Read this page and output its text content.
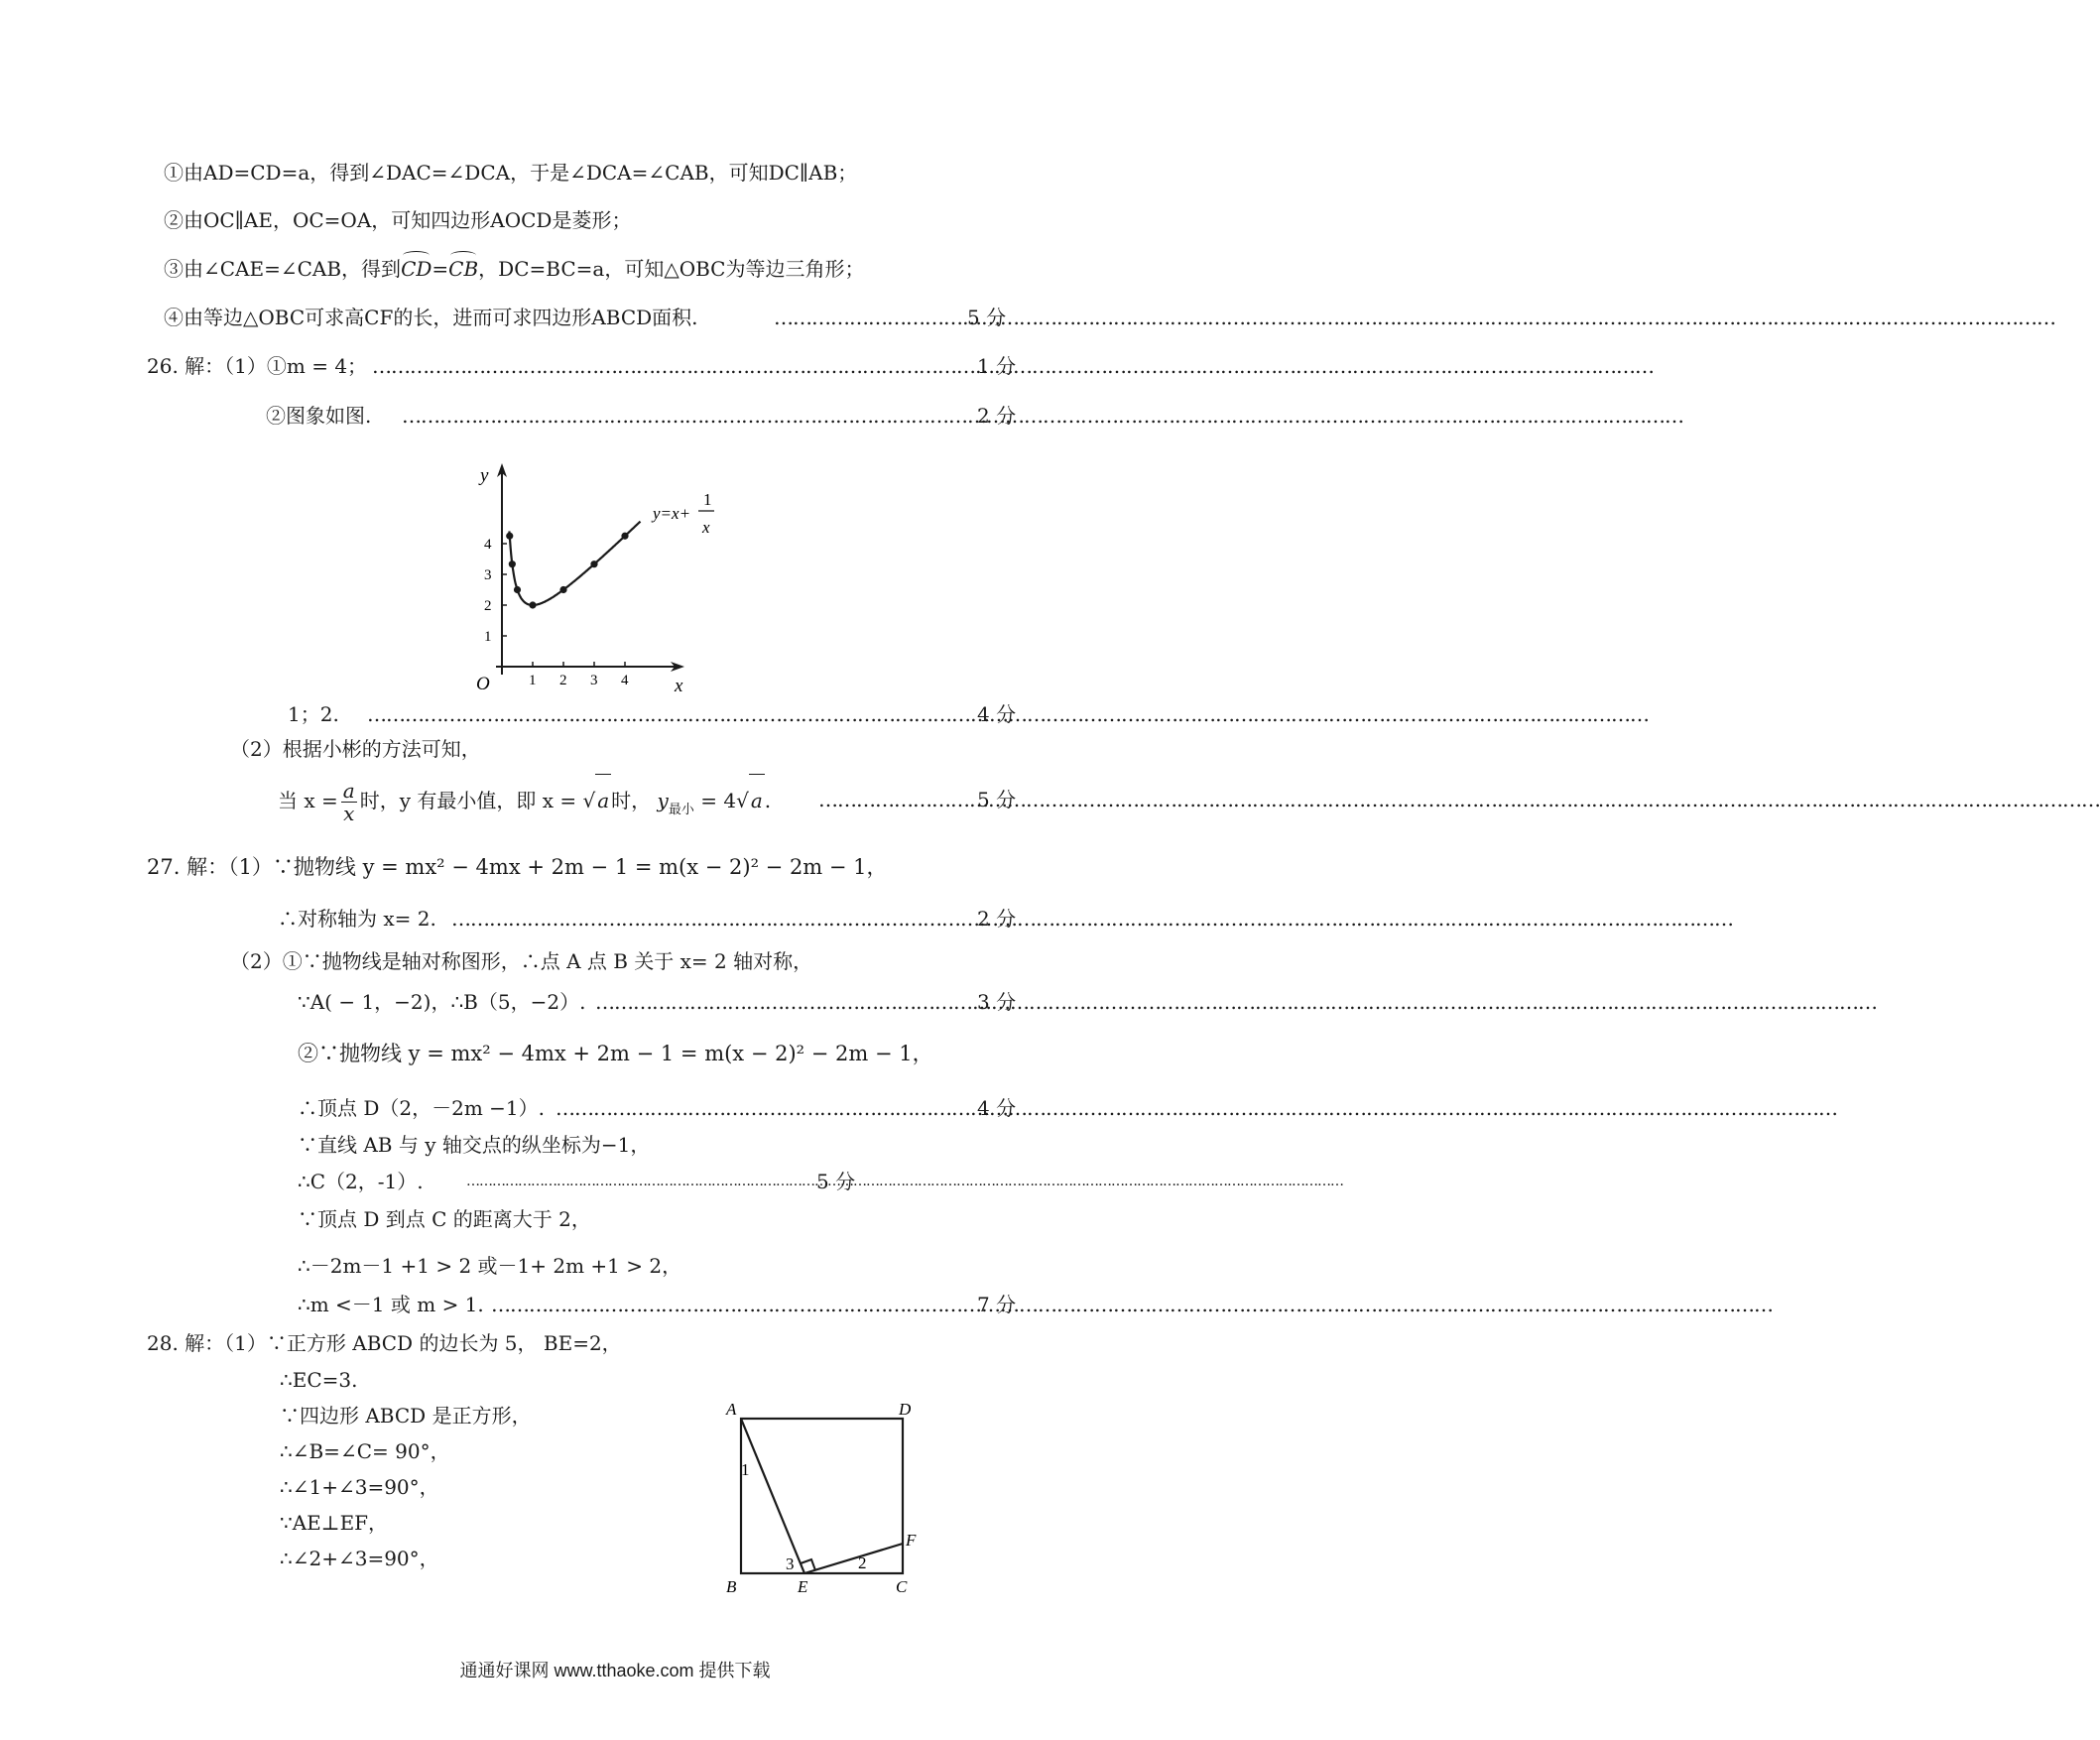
①由AD=CD=a，得到∠DAC=∠DCA，于是∠DCA=∠CAB，可知DC∥AB；
②由OC∥AE，OC=OA，可知四边形AOCD是菱形；
③由∠CAE=∠CAB，得到CD=CB，DC=BC=a，可知△OBC为等边三角形；
④由等边△OBC可求高CF的长，进而可求四边形ABCD面积. ……………………………………………………………………………………………………………………………………………………………………………………	5 分
26. 解：（1）①m = 4； ……………………………………………………………………………………………………………………………………………………………………………………	1 分
②图象如图. ……………………………………………………………………………………………………………………………………………………………………………………	2 分
y
x
O	1 2 3 4
1
2
3
4
y=x+
1
x
1；2. ……………………………………………………………………………………………………………………………………………………………………………………	4 分
（2）根据小彬的方法可知，
当 $x = \frac{a}{x}$ 时，y 有最小值，即 x = √ a 时， $y_{最小} = 4√$ a . ……………………………………………………………………………………………………………………………………………………………………………………	5 分
27. 解：（1）∵抛物线 y = mx² − 4mx + 2m − 1 = m(x − 2)² − 2m − 1，
∴对称轴为 x= 2. ……………………………………………………………………………………………………………………………………………………………………………………	2 分
（2）①∵抛物线是轴对称图形，∴点 A 点 B 关于 x= 2 轴对称，
∵A( − 1，−2)，∴B（5，−2）. ……………………………………………………………………………………………………………………………………………………………………………………	3 分
②∵抛物线 y = mx² − 4mx + 2m − 1 = m(x − 2)² − 2m − 1，
∴顶点 D（2，－2m −1）. ……………………………………………………………………………………………………………………………………………………………………………………	4 分
∵直线 AB 与 y 轴交点的纵坐标为−1，
∴C（2，-1）. ……………………………………………………………………………………………………………………………………………………………………………………	5 分
∵顶点 D 到点 C 的距离大于 2，
∴－2m－1 +1 > 2 或－1+ 2m +1 > 2，
∴m <－1 或 m > 1. ……………………………………………………………………………………………………………………………………………………………………………………	7 分
28. 解：（1）∵正方形 ABCD 的边长为 5， BE=2，
∴EC=3.
∵四边形 ABCD 是正方形，
∴∠B=∠C= 90°，
∴∠1+∠3=90°，
∵AE⊥EF，
∴∠2+∠3=90°，
A	D
B	E	C
F
1
2
3
通通好课网 www.tthaoke.com 提供下载
